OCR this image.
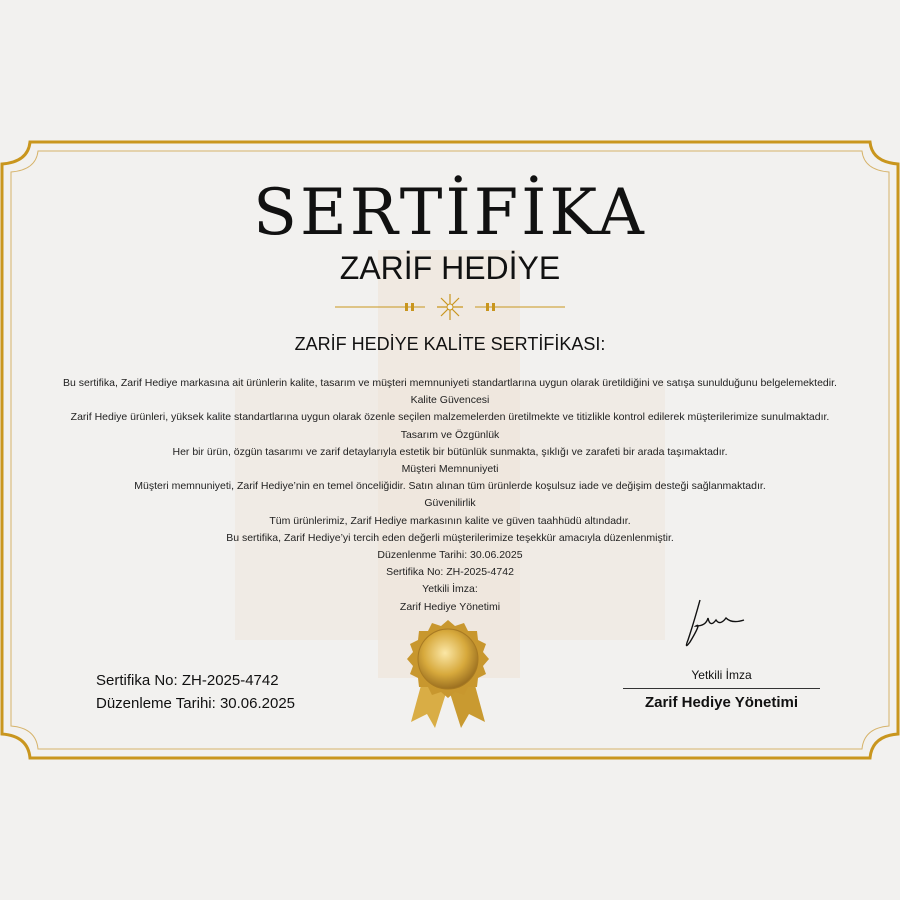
SERTİFİKA
ZARİF HEDİYE
ZARİF HEDİYE KALİTE SERTİFİKASI:
Bu sertifika, Zarif Hediye markasına ait ürünlerin kalite, tasarım ve müşteri memnuniyeti standartlarına uygun olarak üretildiğini ve satışa sunulduğunu belgelemektedir.
Kalite Güvencesi
Zarif Hediye ürünleri, yüksek kalite standartlarına uygun olarak özenle seçilen malzemelerden üretilmekte ve titizlikle kontrol edilerek müşterilerimize sunulmaktadır.
Tasarım ve Özgünlük
Her bir ürün, özgün tasarımı ve zarif detaylarıyla estetik bir bütünlük sunmakta, şıklığı ve zarafeti bir arada taşımaktadır.
Müşteri Memnuniyeti
Müşteri memnuniyeti, Zarif Hediye’nin en temel önceliğidir. Satın alınan tüm ürünlerde koşulsuz iade ve değişim desteği sağlanmaktadır.
Güvenilirlik
Tüm ürünlerimiz, Zarif Hediye markasının kalite ve güven taahhüdü altındadır.
Bu sertifika, Zarif Hediye’yi tercih eden değerli müşterilerimize teşekkür amacıyla düzenlenmiştir.
Düzenlenme Tarihi: 30.06.2025
Sertifika No: ZH-2025-4742
Yetkili İmza:
Zarif Hediye Yönetimi
Sertifika No: ZH-2025-4742
Düzenleme Tarihi: 30.06.2025
Yetkili İmza
Zarif Hediye Yönetimi
